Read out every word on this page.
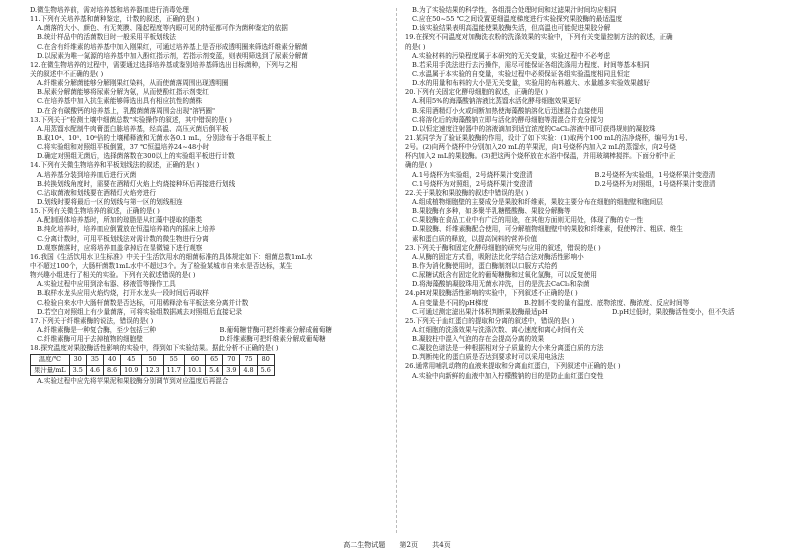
D.微生物培养前，需对培养基和培养器皿进行消毒处理
11.下列有关培养基和菌种鉴定，计数的叙述，正确的是( )
A.菌落的大小、颜色、有无荚膜、隆起程度等内眼可见的特征都可作为菌种鉴定的依据
B.统计样品中的活菌数目时一般采用平板划线法
C.在含有纤维素的培养基中加入刚果红，可通过培养基上是否形成透明圈来筛选纤维素分解菌
D.以尿素为唯一氮源的培养基中加入酚红指示剂，若指示剂变蓝，则表明筛选到了尿素分解菌
12.在微生物培养的过程中，需要通过选择培养基或鉴别培养基筛选出目标菌种，下列与之相
关的叙述中不正确的是( )
A.纤维素分解菌能够分解刚果红染料，从而使菌落周围出现透明圈
B.尿素分解菌能够将尿素分解为氨，从而使酚红指示剂变红
C.在培养基中加入抗生素能够筛选出具有相应抗性的菌株
D.在含有碳酸钙的培养基上，乳酸菌菌落周围会出现"溶钙圈"
13.下列关于"检测土壤中细菌总数"实验操作的叙述，其中错误的是( )
A.用蒸馏水配制牛肉膏蛋白胨培养基，经高温、高压灭菌后倒平板
B.取10⁴、10⁵、10⁶倍的土壤稀释液和无菌水各0.1 mL，分别涂布于各组平板上
C.将实验组和对照组平板倒置，37 ℃恒温培养24~48小时
D.确定对照组无菌后，选择菌落数在300以上的实验组平板进行计数
14.下列有关微生物培养和平板划线法的叙述，正确的是( )
A.培养基分装到培养皿后进行灭菌
B.转换划线角度时，需要在酒精灯火焰上灼烧接种环后再接进行划线
C.沾取菌液和划线要在酒精灯火焰旁进行
D.划线时要将最后一区的划线与第一区的划线相连
15.下列有关微生物培养的叙述，正确的是( )
A.配制固体培养基时，所加的琼脂是从红藻中提取的脂类
B.纯化培养时，培养皿应倒置放在恒温培养箱内的摇床上培养
C.分离计数时，可用平板划线法对需计数的微生物进行分离
D.观察菌落时，应将培养皿盖拿掉后在显微镜下进行观察
16.我国《生活饮用水卫生标准》中关于生活饮用水的细菌标准的具体规定如下：细菌总数1mL水
中不超过100个，大肠杆菌数1mL水中不超过3个。为了检验某城市自来水是否达标，某生
物兴趣小组进行了相关的实验。下列有关叙述错误的是( )
A.实验过程中应用到涂布器、移液管等操作工具
B.取样水龙头应用火焰灼烧，打开水龙头一段时间后再取样
C.检验自来水中大肠杆菌数是否达标，可用稀释涂布平板法来分离并计数
D.若空白对照组上有少量菌落，可将实验组数据减去对照组后直接记录
17.下列关于纤维素酶的说法，错误的是( )
A.纤维素酶是一种复合酶，至少包括三种	B.葡萄糖苷酶可把纤维素分解成葡萄糖
C.纤维素酶可用于去掉植物的细胞壁	D.纤维素酶可把纤维素分解成葡萄糖
18.探究温度对果胶酶活性影响的实验中，得到如下实验结果。据此分析不正确的是( )
温度/℃	30	35	40	45	50	55	60	65	70	75	80
果汁量/mL	3.5	4.6	8.6	10.9	12.3	11.7	10.1	5.4	3.9	4.8	5.6
A.实验过程中应先将苹果泥和果胶酶分别调节到对应温度后再混合
B.为了实验结果的科学性，各组混合处理时间和过滤果汁时间均应相同
C.应在50~55 ℃之间设置更细温度梯度进行实验探究果胶酶的最适温度
D.该实验结果表明高温能使果胶酶失活，但高温也可能促进果胶分解
19.在探究不同温度对加酶洗衣粉的洗涤效果的实验中，下列有关变量控制方法的叙述，正确
的是( )
A.实验材料的污染程度属于本研究的无关变量，实验过程中不必考虑
B.若采用手洗法进行去污操作，需尽可能保证各组洗涤用力程度、时间等基本相同
C.水温属于本实验的自变量，实验过程中必须保证各组实验温度相同且恒定
D.水的用量和布料的大小是无关变量，实验用的布料越大、水量越多实验效果越好
20.下列有关固定化酵母细胞的叙述，正确的是( )
A.利用5%的海藻酸钠溶液比蒸馏水活化酵母细胞效果更好
B.采用酒精灯小火或间断加热使海藻酸钠溶化后迅速混合直接使用
C.将溶化后的海藻酸钠立即与活化的酵母细胞等混混合并充分搅匀
D.以恒定速度注射器中的溶液滴加到适宜浓度的CaCl₂溶液中即可获得规则的凝胶珠
21.某同学为了验证果胶酶的作用，设计了如下实验：(1)取两个100 mL的洁净烧杯，编号为1号、
2号。(2)向两个烧杯中分别加入20 mL的苹果泥，向1号烧杯内加入2 mL的蒸馏水，向2号烧
杯内加入2 mL的果胶酶。(3)把这两个烧杯放在水浴中保温，并用玻璃棒搅拌。下面分析中正
确的是( )
A.1号烧杯为实验组，2号烧杯果汁变澄清	B.2号烧杯为实验组，1号烧杯果汁变澄清
C.1号烧杯为对照组，2号烧杯果汁变澄清	D.2号烧杯为对照组，1号烧杯果汁变澄清
22.关于果胶和果胶酶的叙述中错误的是( )
A.组成植物细胞壁的主要成分是果胶和纤维素，果胶主要分布在细胞的细胞壁和胞间层
B.果胶酶有多种，如多聚半乳糖醛酸酶、果胶分解酶等
C.果胶酶在食品工业中有广泛的用途，在其他方面则无用处，体现了酶的专一性
D.果胶酶、纤维素酶配合使用，可分解植物细胞壁中的果胶和纤维素，促使榨汁、粗质、维生
素和蛋白质的释放，以提高饲料的营养价值
23.下列关于酶和固定化酵母细胞的研究与应用的叙述，错误的是( )
A.从酶的固定方式看，吸附法比化学结合法对酶活性影响小
B.作为消化酶使用时，蛋白酶制剂以口服方式给药
C.尿糖试纸含有固定化的葡萄糖酶和过氧化氢酶，可以反复使用
D.将海藻酸钠凝胶珠用无菌水冲洗，目的是洗去CaCl₂和杂菌
24.pH对果胶酶活性影响的实验中，下列叙述不正确的是( )
A.自变量是不同的pH梯度	B.控制不变的量有温度、底物浓度、酶浓度、反应时间等
C.可通过测定滤出果汁体积判断果胶酶最适pH	D.pH过低时，果胶酶活性变小，但不失活
25.下列关于血红蛋白的提取和分离的叙述中，错误的是( )
A.红细胞的洗涤效果与洗涤次数、离心速度和离心时间有关
B.凝胶柱中混入气泡的存在会提高分离的效果
C.凝胶色谱法是一种根据相对分子质量的大小来分离蛋白质的方法
D.判断纯化的蛋白质是否达到要求时可以采用电泳法
26.通常用哺乳动物的血液来提取和分离血红蛋白，下列叙述中正确的是( )
A.实验中向新鲜的血液中加入柠檬酸钠的目的是防止血红蛋白变性
高二生物试题 第2页 共4页
